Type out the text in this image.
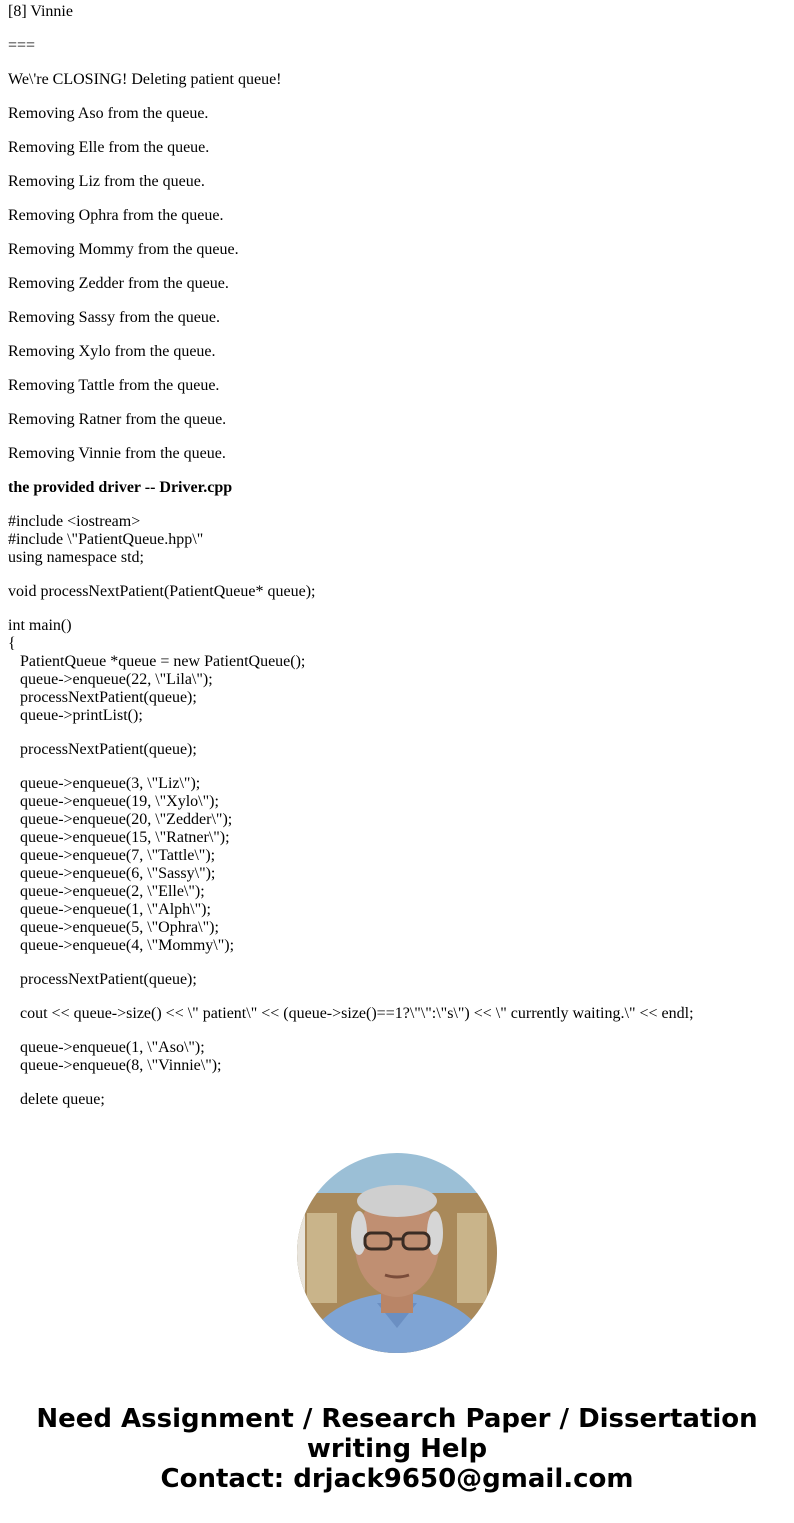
[8] Vinnie

===

We\'re CLOSING! Deleting patient queue!

Removing Aso from the queue.

Removing Elle from the queue.

Removing Liz from the queue.

Removing Ophra from the queue.

Removing Mommy from the queue.

Removing Zedder from the queue.

Removing Sassy from the queue.

Removing Xylo from the queue.

Removing Tattle from the queue.

Removing Ratner from the queue.

Removing Vinnie from the queue.

the provided driver -- Driver.cpp

#include <iostream>
#include \"PatientQueue.hpp\"
using namespace std;
void processNextPatient(PatientQueue* queue);
int main()
{
PatientQueue *queue = new PatientQueue();
queue->enqueue(22, \"Lila\");
processNextPatient(queue);
queue->printList();
processNextPatient(queue);
queue->enqueue(3, \"Liz\");
queue->enqueue(19, \"Xylo\");
queue->enqueue(20, \"Zedder\");
queue->enqueue(15, \"Ratner\");
queue->enqueue(7, \"Tattle\");
queue->enqueue(6, \"Sassy\");
queue->enqueue(2, \"Elle\");
queue->enqueue(1, \"Alph\");
queue->enqueue(5, \"Ophra\");
queue->enqueue(4, \"Mommy\");
processNextPatient(queue);
cout << queue->size() << \" patient\" << (queue->size()==1?\"\":\"s\") << \" currently waiting.\" << endl;
queue->enqueue(1, \"Aso\");
queue->enqueue(8, \"Vinnie\");
delete queue;
Need Assignment / Research Paper / Dissertation
writing Help
Contact: drjack9650@gmail.com
